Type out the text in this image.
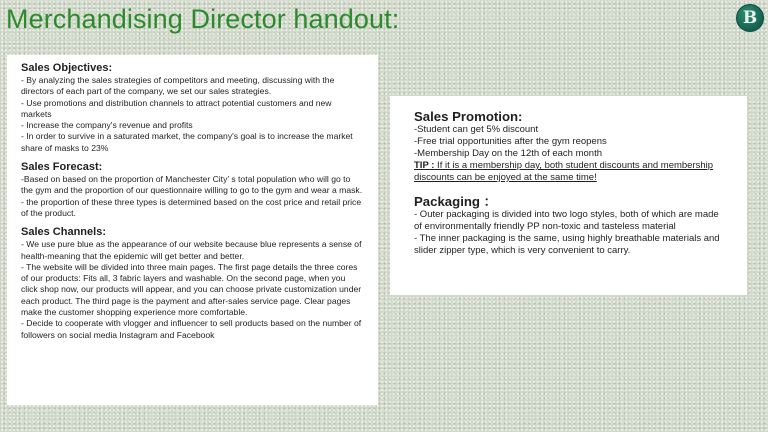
Merchandising Director handout:	B

Sales Objectives:

- By analyzing the sales strategies of competitors and meeting, discussing with the directors of each part of the company, we set our sales strategies.

- Use promotions and distribution channels to attract potential customers and new markets

- Increase the company's revenue and profits

- In order to survive in a saturated market, the company's goal is to increase the market share of masks to 23%

Sales Forecast:

-Based on based on the proportion of Manchester City’ s total population who will go to the gym and the proportion of our questionnaire willing to go to the gym and wear a mask.

- the proportion of these three types is determined based on the cost price and retail price of the product.

Sales Channels:

- We use pure blue as the appearance of our website because blue represents a sense of health-meaning that the epidemic will get better and better.

- The website will be divided into three main pages. The first page details the three cores of our products: Fits all, 3 fabric layers and washable. On the second page, when you click shop now, our products will appear, and you can choose private customization under each product. The third page is the payment and after-sales service page. Clear pages make the customer shopping experience more comfortable.

- Decide to cooperate with vlogger and influencer to sell products based on the number of followers on social media Instagram and Facebook

Sales Promotion:

-Student can get 5% discount

-Free trial opportunities after the gym reopens

-Membership Day on the 12th of each month

TIP : If it is a membership day, both student discounts and membership discounts can be enjoyed at the same time!

Packaging ：

- Outer packaging is divided into two logo styles, both of which are made of environmentally friendly PP non-toxic and tasteless material

- The inner packaging is the same, using highly breathable materials and slider zipper type, which is very convenient to carry.
